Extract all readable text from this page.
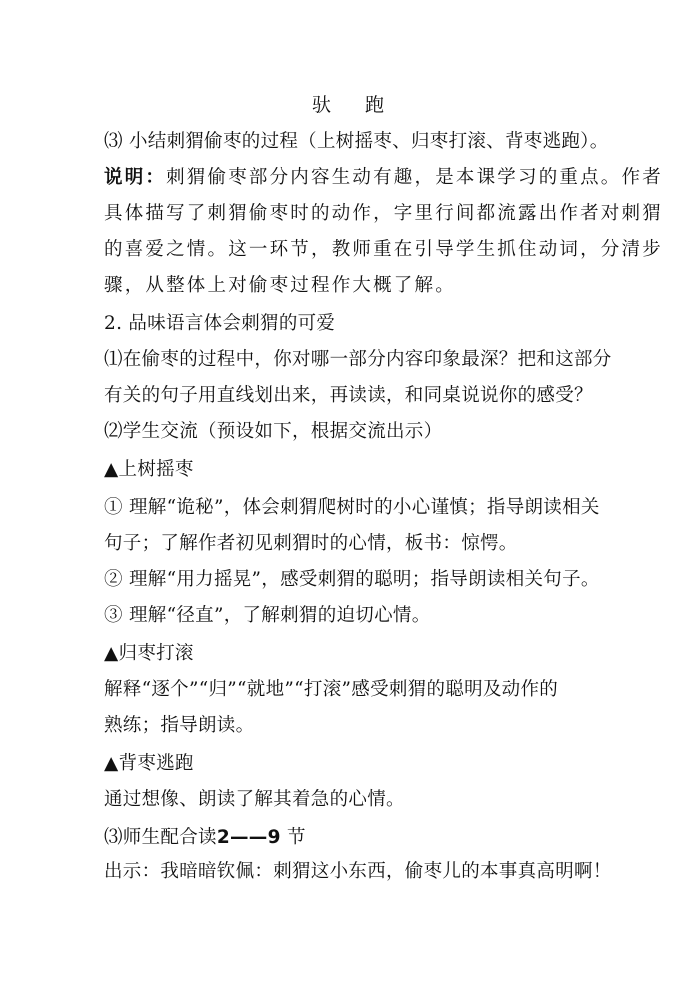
驮跑
⑶ 小结刺猬偷枣的过程（上树摇枣、归枣打滚、背枣逃跑）。
说明：刺猬偷枣部分内容生动有趣，是本课学习的重点。作者
具体描写了刺猬偷枣时的动作，字里行间都流露出作者对刺猬
的喜爱之情。这一环节，教师重在引导学生抓住动词，分清步
骤，从整体上对偷枣过程作大概了解。
2. 品味语言体会刺猬的可爱
⑴在偷枣的过程中，你对哪一部分内容印象最深？把和这部分
有关的句子用直线划出来，再读读，和同桌说说你的感受？
⑵学生交流（预设如下，根据交流出示）
▲上树摇枣
① 理解“诡秘”，体会刺猬爬树时的小心谨慎；指导朗读相关
句子；了解作者初见刺猬时的心情，板书：惊愕。
② 理解“用力摇晃”，感受刺猬的聪明；指导朗读相关句子。
③ 理解“径直”，了解刺猬的迫切心情。
▲归枣打滚
解释“逐个”“归”“就地”“打滚”感受刺猬的聪明及动作的
熟练；指导朗读。
▲背枣逃跑
通过想像、朗读了解其着急的心情。
⑶师生配合读2——9 节
出示：我暗暗钦佩：刺猬这小东西，偷枣儿的本事真高明啊！
